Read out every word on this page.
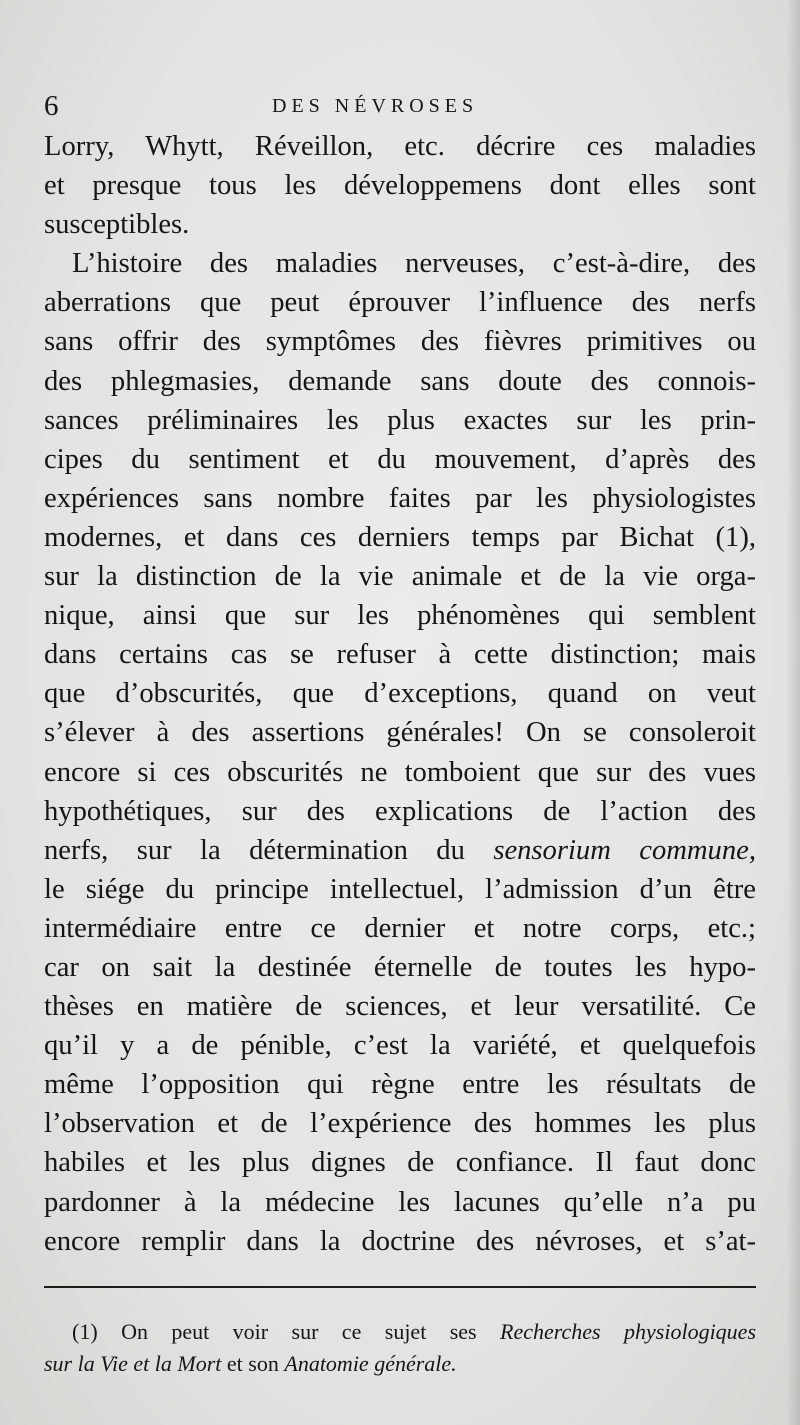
6	DES NÉVROSES
Lorry, Whytt, Réveillon, etc. décrire ces maladies
et presque tous les développemens dont elles sont
susceptibles.
L’histoire des maladies nerveuses, c’est-à-dire, des
aberrations que peut éprouver l’influence des nerfs
sans offrir des symptômes des fièvres primitives ou
des phlegmasies, demande sans doute des connois-
sances préliminaires les plus exactes sur les prin-
cipes du sentiment et du mouvement, d’après des
expériences sans nombre faites par les physiologistes
modernes, et dans ces derniers temps par Bichat (1),
sur la distinction de la vie animale et de la vie orga-
nique, ainsi que sur les phénomènes qui semblent
dans certains cas se refuser à cette distinction; mais
que d’obscurités, que d’exceptions, quand on veut
s’élever à des assertions générales! On se consoleroit
encore si ces obscurités ne tomboient que sur des vues
hypothétiques, sur des explications de l’action des
nerfs, sur la détermination du sensorium commune,
le siége du principe intellectuel, l’admission d’un être
intermédiaire entre ce dernier et notre corps, etc.;
car on sait la destinée éternelle de toutes les hypo-
thèses en matière de sciences, et leur versatilité. Ce
qu’il y a de pénible, c’est la variété, et quelquefois
même l’opposition qui règne entre les résultats de
l’observation et de l’expérience des hommes les plus
habiles et les plus dignes de confiance. Il faut donc
pardonner à la médecine les lacunes qu’elle n’a pu
encore remplir dans la doctrine des névroses, et s’at-
(1) On peut voir sur ce sujet ses Recherches physiologiques
sur la Vie et la Mort et son Anatomie générale.
